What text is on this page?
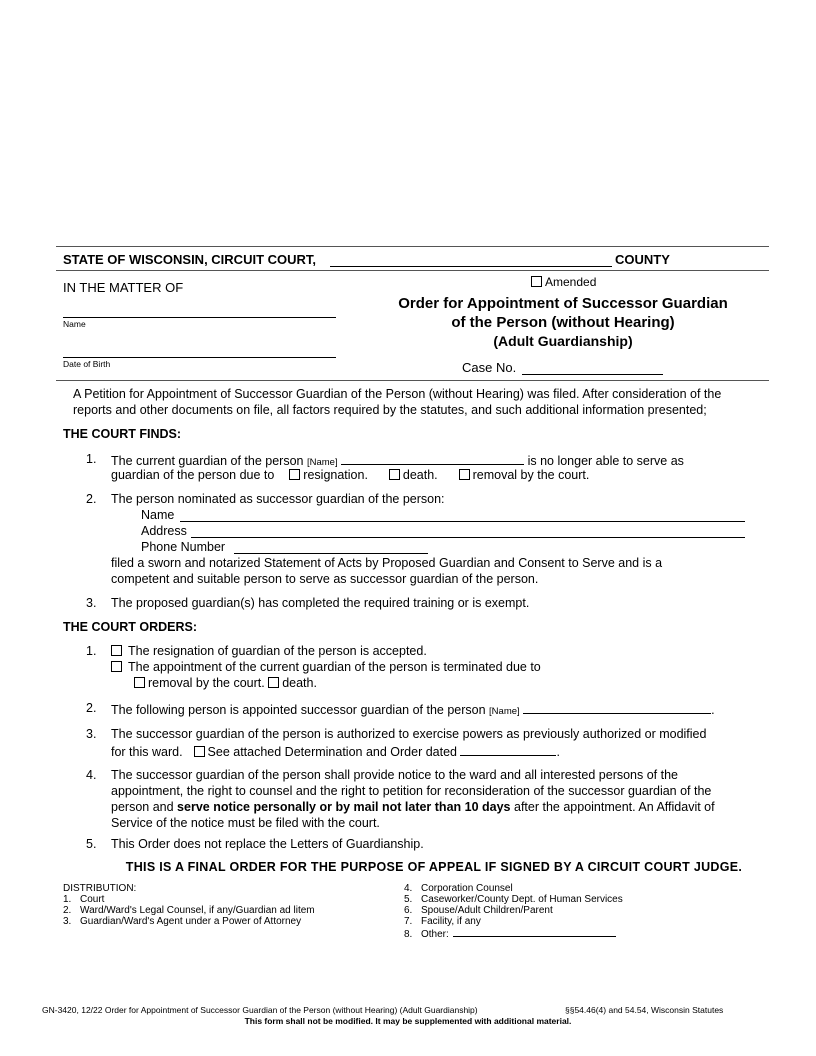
STATE OF WISCONSIN, CIRCUIT COURT,	COUNTY
IN THE MATTER OF
Name
Date of Birth
Amended
Order for Appointment of Successor Guardian
of the Person (without Hearing)
(Adult Guardianship)
Case No.
A Petition for Appointment of Successor Guardian of the Person (without Hearing) was filed. After consideration of the
reports and other documents on file, all factors required by the statutes, and such additional information presented;
THE COURT FINDS:
1. The current guardian of the person [Name]	is no longer able to serve as
guardian of the person due to resignation.	death.	removal by the court.
2. The person nominated as successor guardian of the person:
Name
Address
Phone Number
filed a sworn and notarized Statement of Acts by Proposed Guardian and Consent to Serve and is a
competent and suitable person to serve as successor guardian of the person.
3. The proposed guardian(s) has completed the required training or is exempt.
THE COURT ORDERS:
1.	The resignation of guardian of the person is accepted.
The appointment of the current guardian of the person is terminated due to
removal by the court. death.
2. The following person is appointed successor guardian of the person [Name]	.
3. The successor guardian of the person is authorized to exercise powers as previously authorized or modified
for this ward. See attached Determination and Order dated	.
4. The successor guardian of the person shall provide notice to the ward and all interested persons of the
appointment, the right to counsel and the right to petition for reconsideration of the successor guardian of the
person and serve notice personally or by mail not later than 10 days after the appointment. An Affidavit of
Service of the notice must be filed with the court.
5. This Order does not replace the Letters of Guardianship.
THIS IS A FINAL ORDER FOR THE PURPOSE OF APPEAL IF SIGNED BY A CIRCUIT COURT JUDGE.
DISTRIBUTION:
1. Court
2. Ward/Ward's Legal Counsel, if any/Guardian ad litem
3. Guardian/Ward's Agent under a Power of Attorney
4. Corporation Counsel
5. Caseworker/County Dept. of Human Services
6. Spouse/Adult Children/Parent
7. Facility, if any
8. Other:
GN-3420, 12/22 Order for Appointment of Successor Guardian of the Person (without Hearing) (Adult Guardianship)	§§54.46(4) and 54.54, Wisconsin Statutes
This form shall not be modified. It may be supplemented with additional material.
